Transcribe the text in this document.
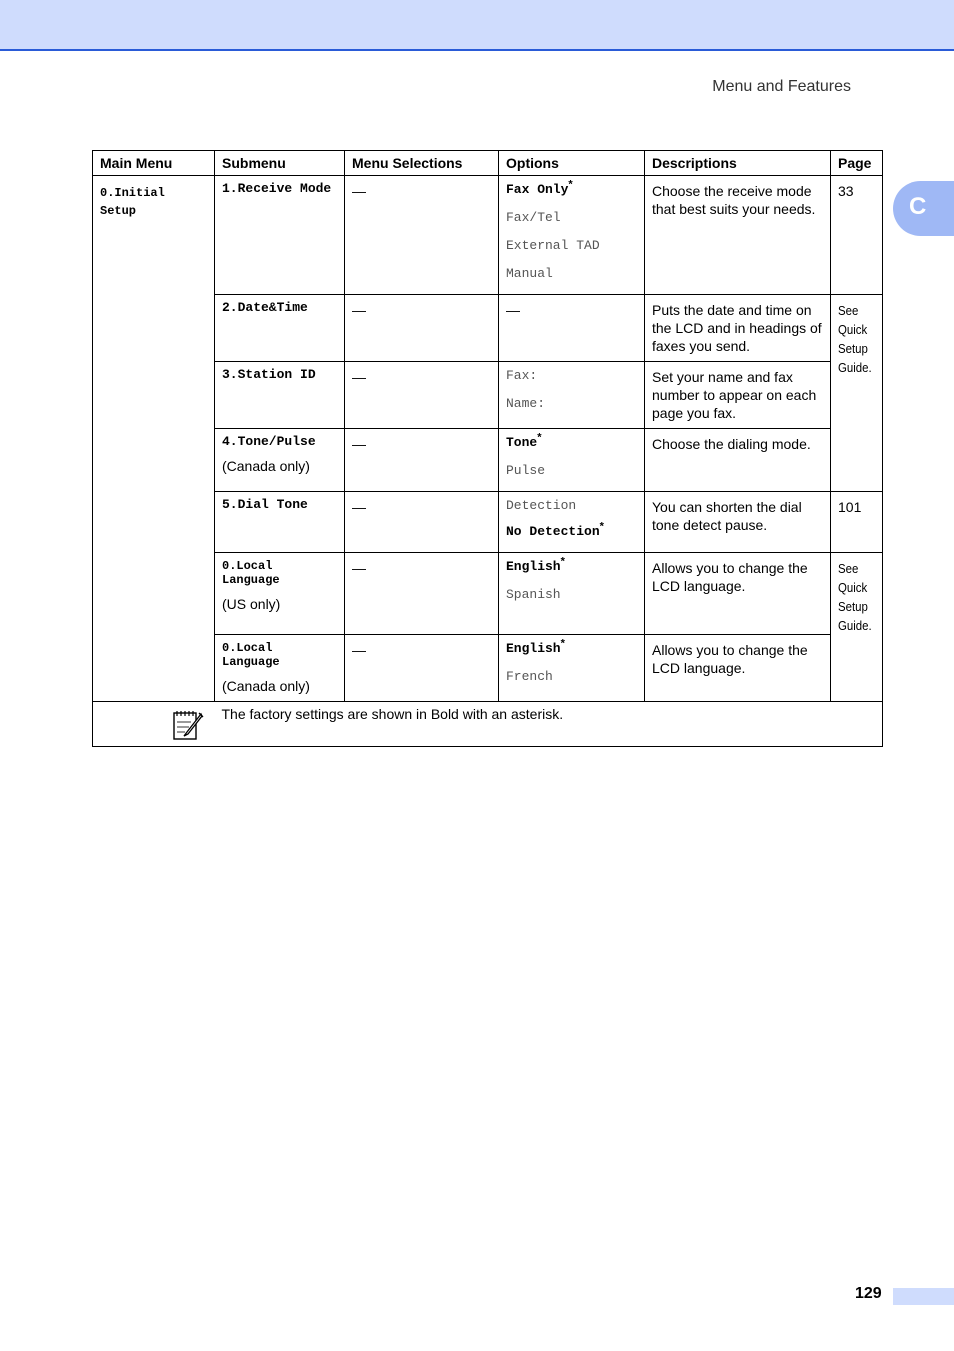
Menu and Features
C
Main Menu	Submenu	Menu Selections	Options	Descriptions	Page
0.Initial Setup	1.Receive Mode	—	Fax Only*
Fax/Tel
External TAD
Manual	Choose the receive mode that best suits your needs.	33

	2.Date&Time	—	—	Puts the date and time on the LCD and in headings of faxes you send.	See Quick Setup Guide.

	3.Station ID	—	Fax:
Name:	Set your name and fax number to appear on each page you fax.	

	4.Tone/Pulse
(Canada only)	—	Tone*
Pulse	Choose the dialing mode.	

	5.Dial Tone	—	Detection
No Detection*	You can shorten the dial tone detect pause.	101

	0.Local Language
(US only)	—	English*
Spanish	Allows you to change the LCD language.	See Quick Setup Guide.

	0.Local Language
(Canada only)	—	English*
French	Allows you to change the LCD language.	

	The factory settings are shown in Bold with an asterisk.				
129
